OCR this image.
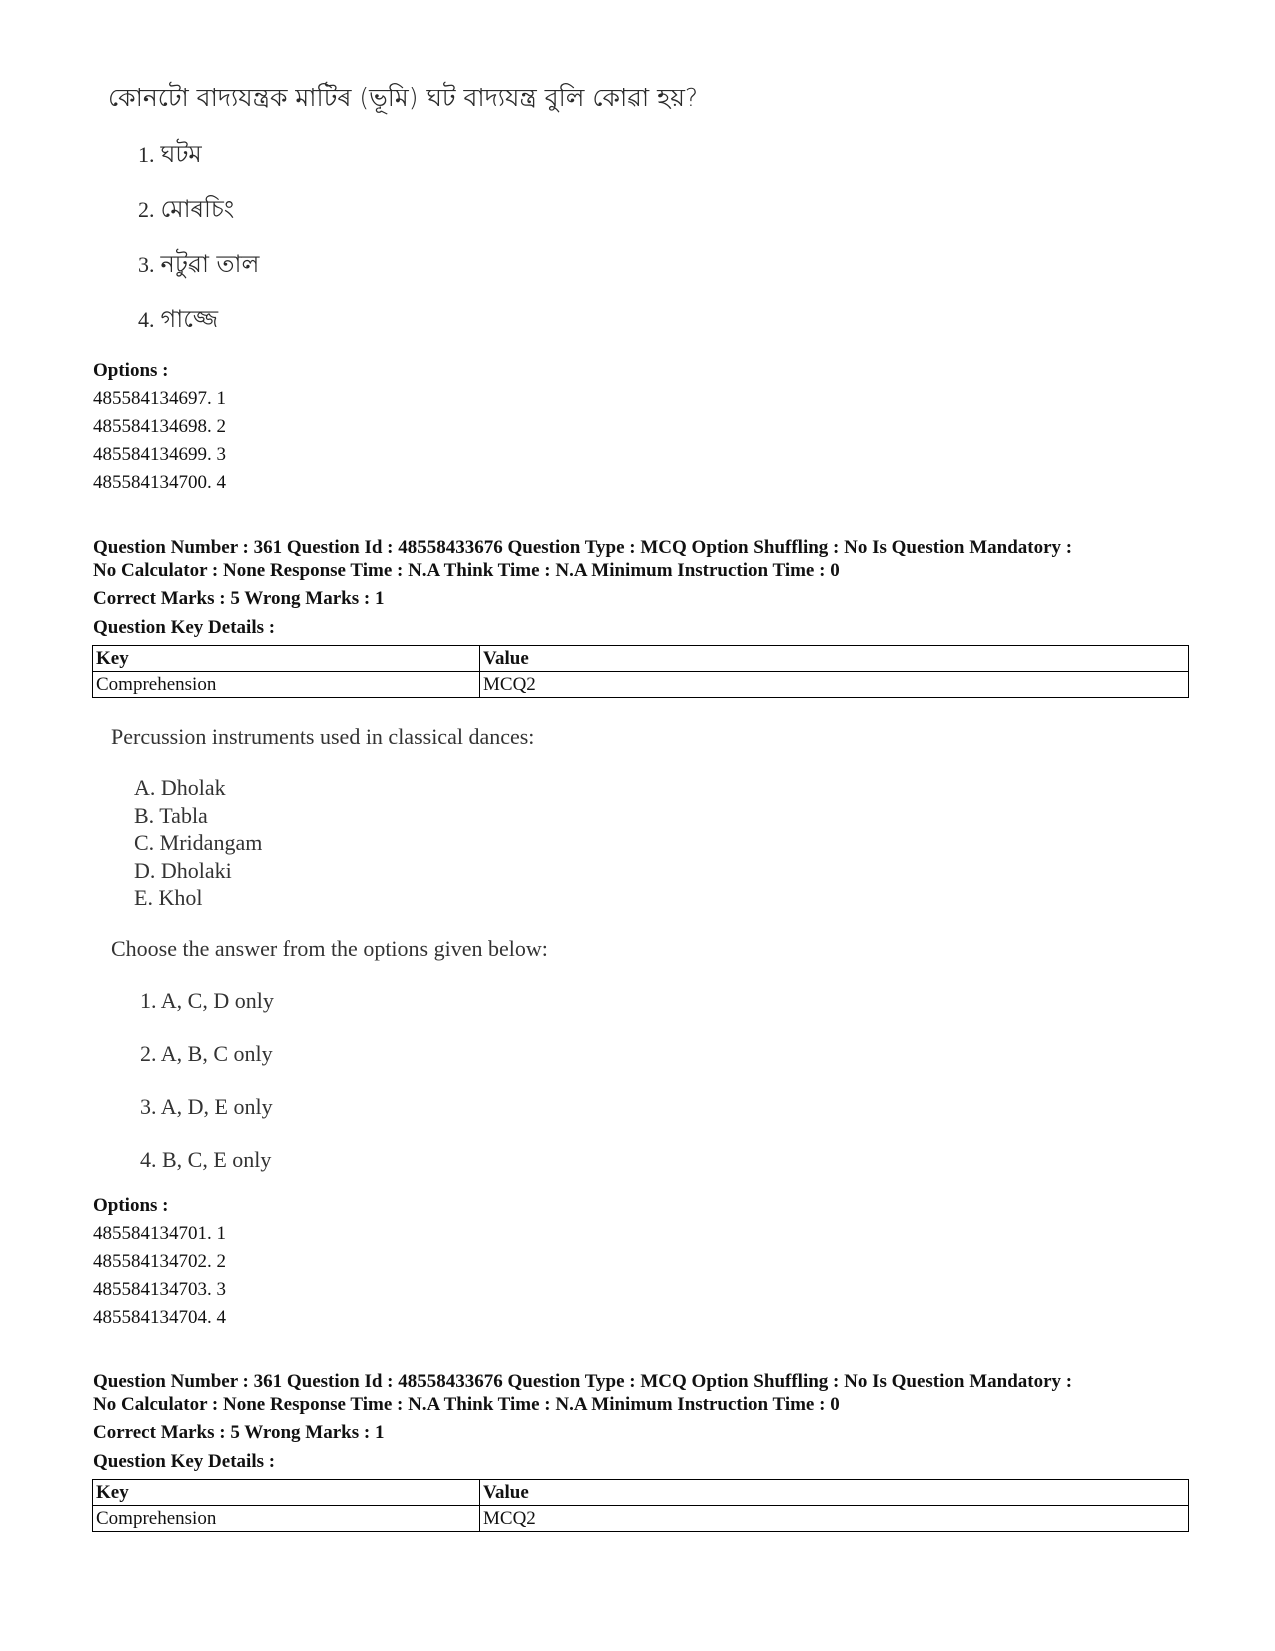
কোনটো বাদ্যযন্ত্ৰক মাটিৰ (ভূমি) ঘট বাদ্যযন্ত্ৰ বুলি কোৱা হয়?
1. ঘটম
2. মোৰচিং
3. নটুৱা তাল
4. গাজ্জে
Options :
485584134697. 1
485584134698. 2
485584134699. 3
485584134700. 4
Question Number : 361 Question Id : 48558433676 Question Type : MCQ Option Shuffling : No Is Question Mandatory :
No Calculator : None Response Time : N.A Think Time : N.A Minimum Instruction Time : 0
Correct Marks : 5 Wrong Marks : 1
Question Key Details :
Key	Value
Comprehension	MCQ2
Percussion instruments used in classical dances:
A. Dholak
B. Tabla
C. Mridangam
D. Dholaki
E. Khol
Choose the answer from the options given below:
1. A, C, D only
2. A, B, C only
3. A, D, E only
4. B, C, E only
Options :
485584134701. 1
485584134702. 2
485584134703. 3
485584134704. 4
Question Number : 361 Question Id : 48558433676 Question Type : MCQ Option Shuffling : No Is Question Mandatory :
No Calculator : None Response Time : N.A Think Time : N.A Minimum Instruction Time : 0
Correct Marks : 5 Wrong Marks : 1
Question Key Details :
Key	Value
Comprehension	MCQ2
